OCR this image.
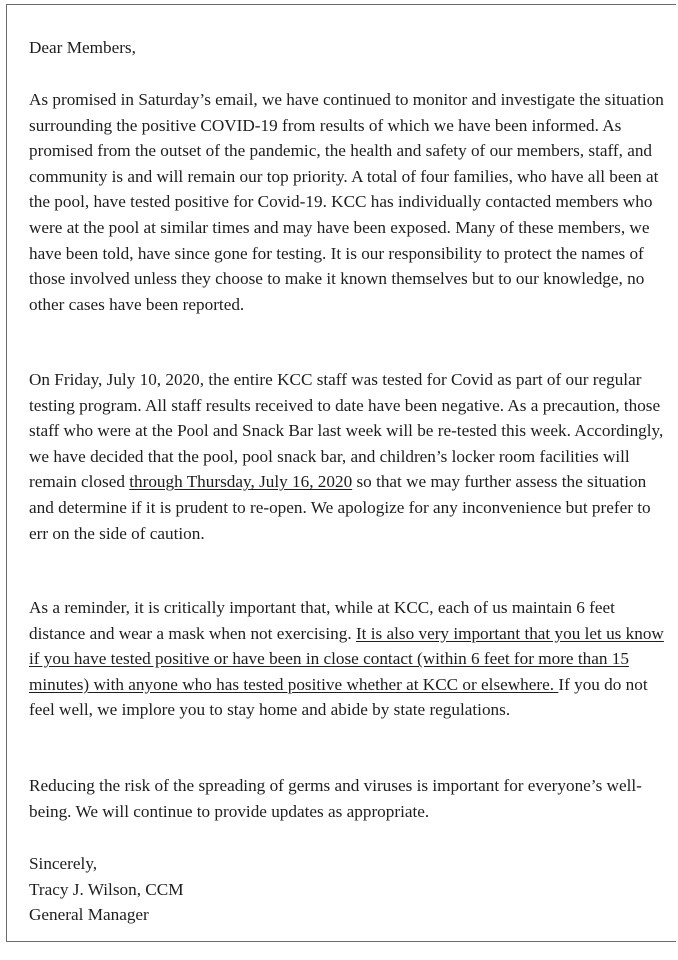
Dear Members,

As promised in Saturday’s email, we have continued to monitor and investigate the situation surrounding the positive COVID-19 from results of which we have been informed. As promised from the outset of the pandemic, the health and safety of our members, staff, and community is and will remain our top priority. A total of four families, who have all been at the pool, have tested positive for Covid-19. KCC has individually contacted members who were at the pool at similar times and may have been exposed. Many of these members, we have been told, have since gone for testing. It is our responsibility to protect the names of those involved unless they choose to make it known themselves but to our knowledge, no other cases have been reported.

On Friday, July 10, 2020, the entire KCC staff was tested for Covid as part of our regular testing program. All staff results received to date have been negative. As a precaution, those staff who were at the Pool and Snack Bar last week will be re-tested this week. Accordingly, we have decided that the pool, pool snack bar, and children’s locker room facilities will remain closed through Thursday, July 16, 2020 so that we may further assess the situation and determine if it is prudent to re-open. We apologize for any inconvenience but prefer to err on the side of caution.

As a reminder, it is critically important that, while at KCC, each of us maintain 6 feet distance and wear a mask when not exercising. It is also very important that you let us know if you have tested positive or have been in close contact (within 6 feet for more than 15 minutes) with anyone who has tested positive whether at KCC or elsewhere. If you do not feel well, we implore you to stay home and abide by state regulations.

Reducing the risk of the spreading of germs and viruses is important for everyone’s well-being. We will continue to provide updates as appropriate.

Sincerely,
Tracy J. Wilson, CCM
General Manager
